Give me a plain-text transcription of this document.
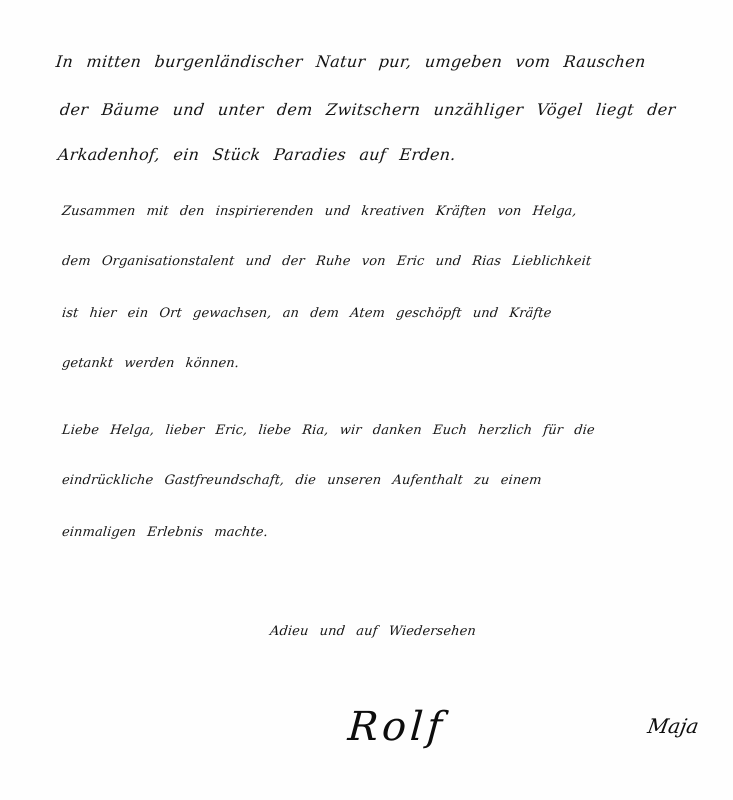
In mitten burgenländischer Natur pur, umgeben vom Rauschen
der Bäume und unter dem Zwitschern unzähliger Vögel liegt der
Arkadenhof, ein Stück Paradies auf Erden.
Zusammen mit den inspirierenden und kreativen Kräften von Helga,
dem Organisationstalent und der Ruhe von Eric und Rias Lieblichkeit
ist hier ein Ort gewachsen, an dem Atem geschöpft und Kräfte
getankt werden können.
Liebe Helga, lieber Eric, liebe Ria, wir danken Euch herzlich für die
eindrückliche Gastfreundschaft, die unseren Aufenthalt zu einem
einmaligen Erlebnis machte.
Adieu und auf Wiedersehen
Rolf	Maja
